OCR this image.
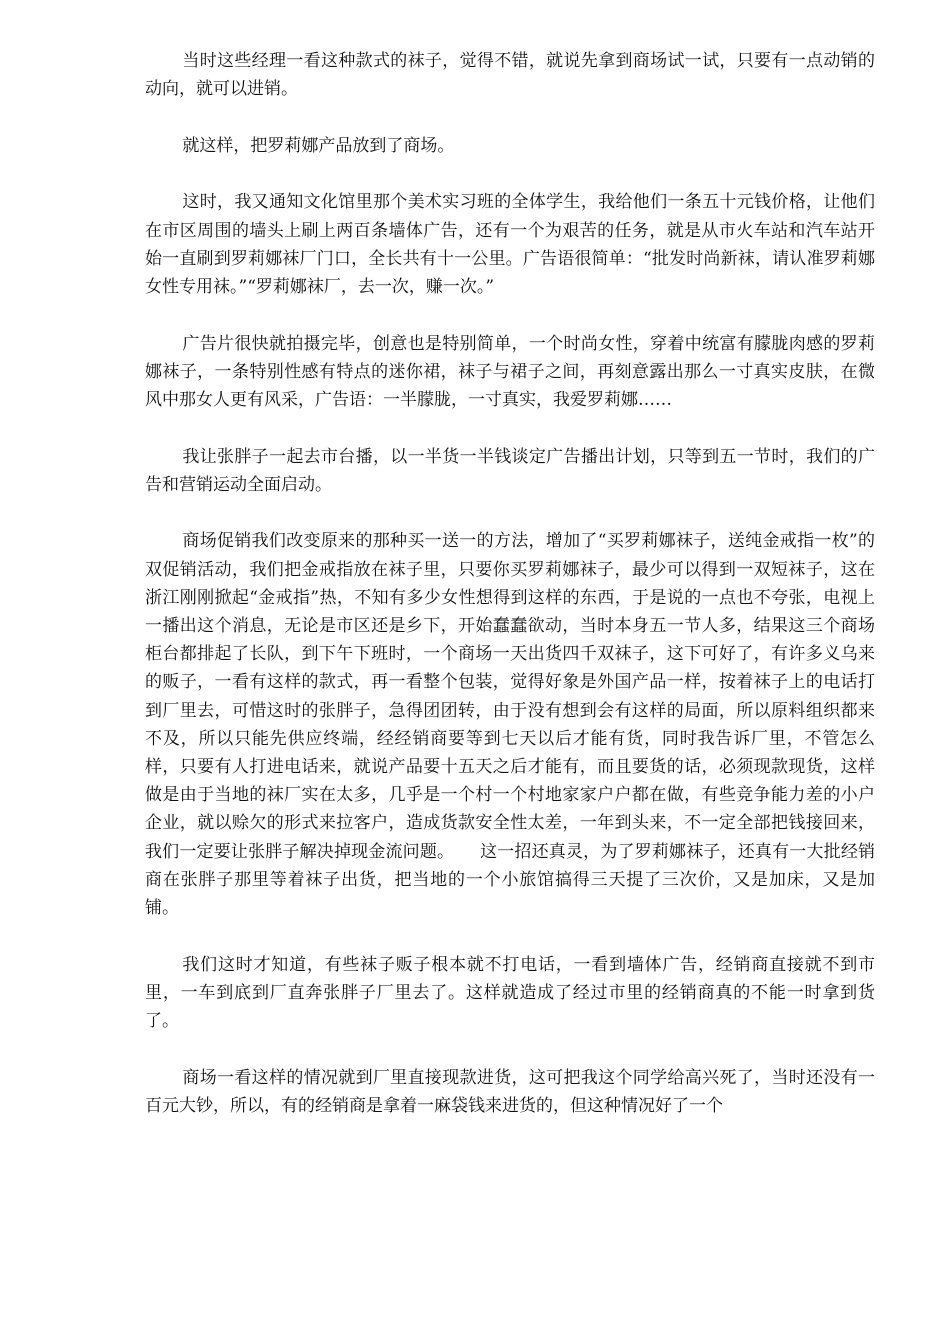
当时这些经理一看这种款式的袜子，觉得不错，就说先拿到商场试一试，只要有一点动销的动向，就可以进销。

就这样，把罗莉娜产品放到了商场。

这时，我又通知文化馆里那个美术实习班的全体学生，我给他们一条五十元钱价格，让他们在市区周围的墙头上刷上两百条墙体广告，还有一个为艰苦的任务，就是从市火车站和汽车站开始一直刷到罗莉娜袜厂门口，全长共有十一公里。广告语很简单：“批发时尚新袜，请认准罗莉娜女性专用袜。”“罗莉娜袜厂，去一次，赚一次。”

广告片很快就拍摄完毕，创意也是特别简单，一个时尚女性，穿着中统富有朦胧肉感的罗莉娜袜子，一条特别性感有特点的迷你裙，袜子与裙子之间，再刻意露出那么一寸真实皮肤，在微风中那女人更有风采，广告语：一半朦胧，一寸真实，我爱罗莉娜……

我让张胖子一起去市台播，以一半货一半钱谈定广告播出计划，只等到五一节时，我们的广告和营销运动全面启动。

商场促销我们改变原来的那种买一送一的方法，增加了“买罗莉娜袜子，送纯金戒指一枚”的双促销活动，我们把金戒指放在袜子里，只要你买罗莉娜袜子，最少可以得到一双短袜子，这在浙江刚刚掀起“金戒指”热，不知有多少女性想得到这样的东西，于是说的一点也不夸张，电视上一播出这个消息，无论是市区还是乡下，开始蠢蠢欲动，当时本身五一节人多，结果这三个商场柜台都排起了长队，到下午下班时，一个商场一天出货四千双袜子，这下可好了，有许多义乌来的贩子，一看有这样的款式，再一看整个包装，觉得好象是外国产品一样，按着袜子上的电话打到厂里去，可惜这时的张胖子，急得团团转，由于没有想到会有这样的局面，所以原料组织都来不及，所以只能先供应终端，经经销商要等到七天以后才能有货，同时我告诉厂里，不管怎么样，只要有人打进电话来，就说产品要十五天之后才能有，而且要货的话，必须现款现货，这样做是由于当地的袜厂实在太多，几乎是一个村一个村地家家户户都在做，有些竞争能力差的小户企业，就以赊欠的形式来拉客户，造成货款安全性太差，一年到头来，不一定全部把钱接回来，我们一定要让张胖子解决掉现金流问题。　　这一招还真灵，为了罗莉娜袜子，还真有一大批经销商在张胖子那里等着袜子出货，把当地的一个小旅馆搞得三天提了三次价，又是加床，又是加铺。

我们这时才知道，有些袜子贩子根本就不打电话，一看到墙体广告，经销商直接就不到市里，一车到底到厂直奔张胖子厂里去了。这样就造成了经过市里的经销商真的不能一时拿到货了。

商场一看这样的情况就到厂里直接现款进货，这可把我这个同学给高兴死了，当时还没有一百元大钞，所以，有的经销商是拿着一麻袋钱来进货的，但这种情况好了一个
